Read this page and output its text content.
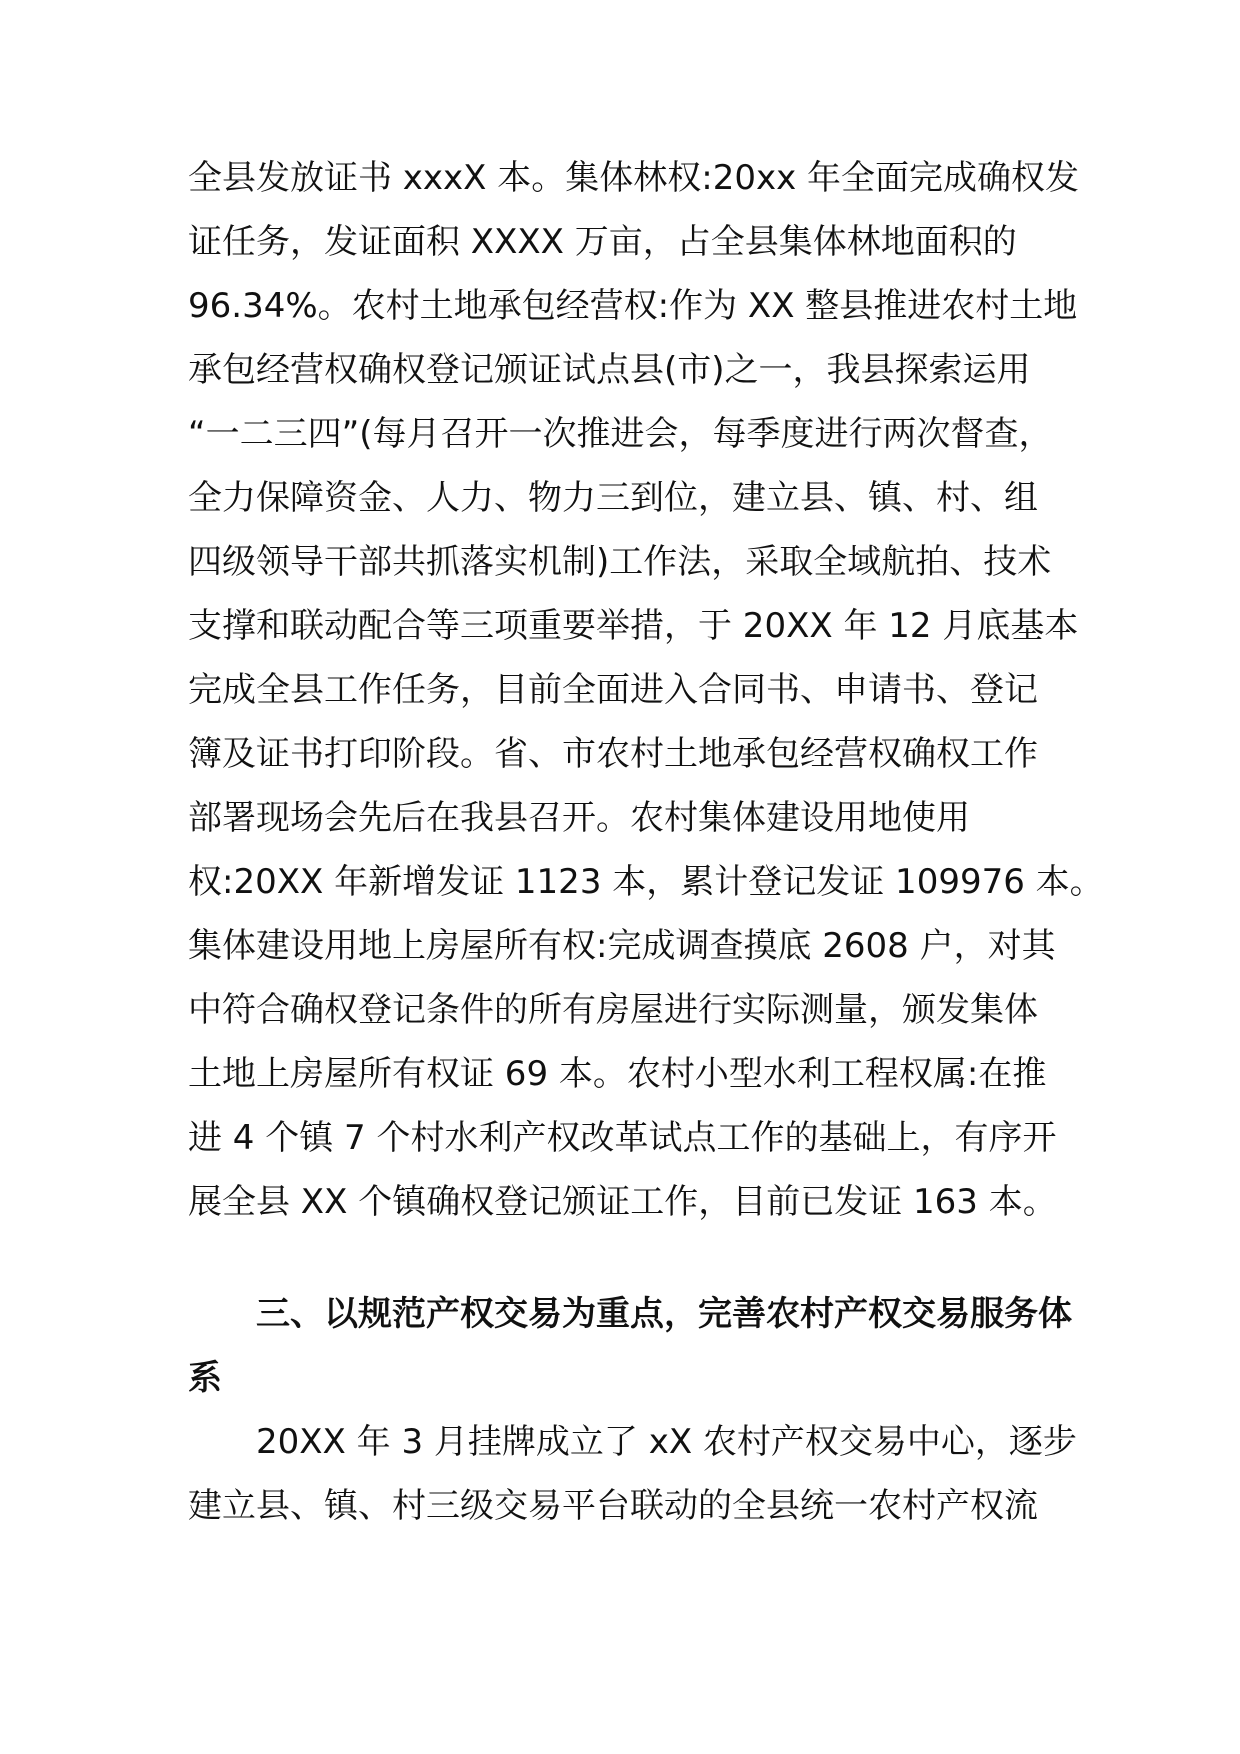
全县发放证书 xxxX 本。集体林权:20xx 年全面完成确权发
证任务，发证面积 XXXX 万亩，占全县集体林地面积的
96.34%。农村土地承包经营权:作为 XX 整县推进农村土地
承包经营权确权登记颁证试点县(市)之一，我县探索运用
“一二三四”(每月召开一次推进会，每季度进行两次督查，
全力保障资金、人力、物力三到位，建立县、镇、村、组
四级领导干部共抓落实机制)工作法，采取全域航拍、技术
支撑和联动配合等三项重要举措，于 20XX 年 12 月底基本
完成全县工作任务，目前全面进入合同书、申请书、登记
簿及证书打印阶段。省、市农村土地承包经营权确权工作
部署现场会先后在我县召开。农村集体建设用地使用
权:20XX 年新增发证 1123 本，累计登记发证 109976 本。
集体建设用地上房屋所有权:完成调查摸底 2608 户，对其
中符合确权登记条件的所有房屋进行实际测量，颁发集体
土地上房屋所有权证 69 本。农村小型水利工程权属:在推
进 4 个镇 7 个村水利产权改革试点工作的基础上，有序开
展全县 XX 个镇确权登记颁证工作，目前已发证 163 本。
　　三、以规范产权交易为重点，完善农村产权交易服务体
系
　　20XX 年 3 月挂牌成立了 xX 农村产权交易中心，逐步
建立县、镇、村三级交易平台联动的全县统一农村产权流
